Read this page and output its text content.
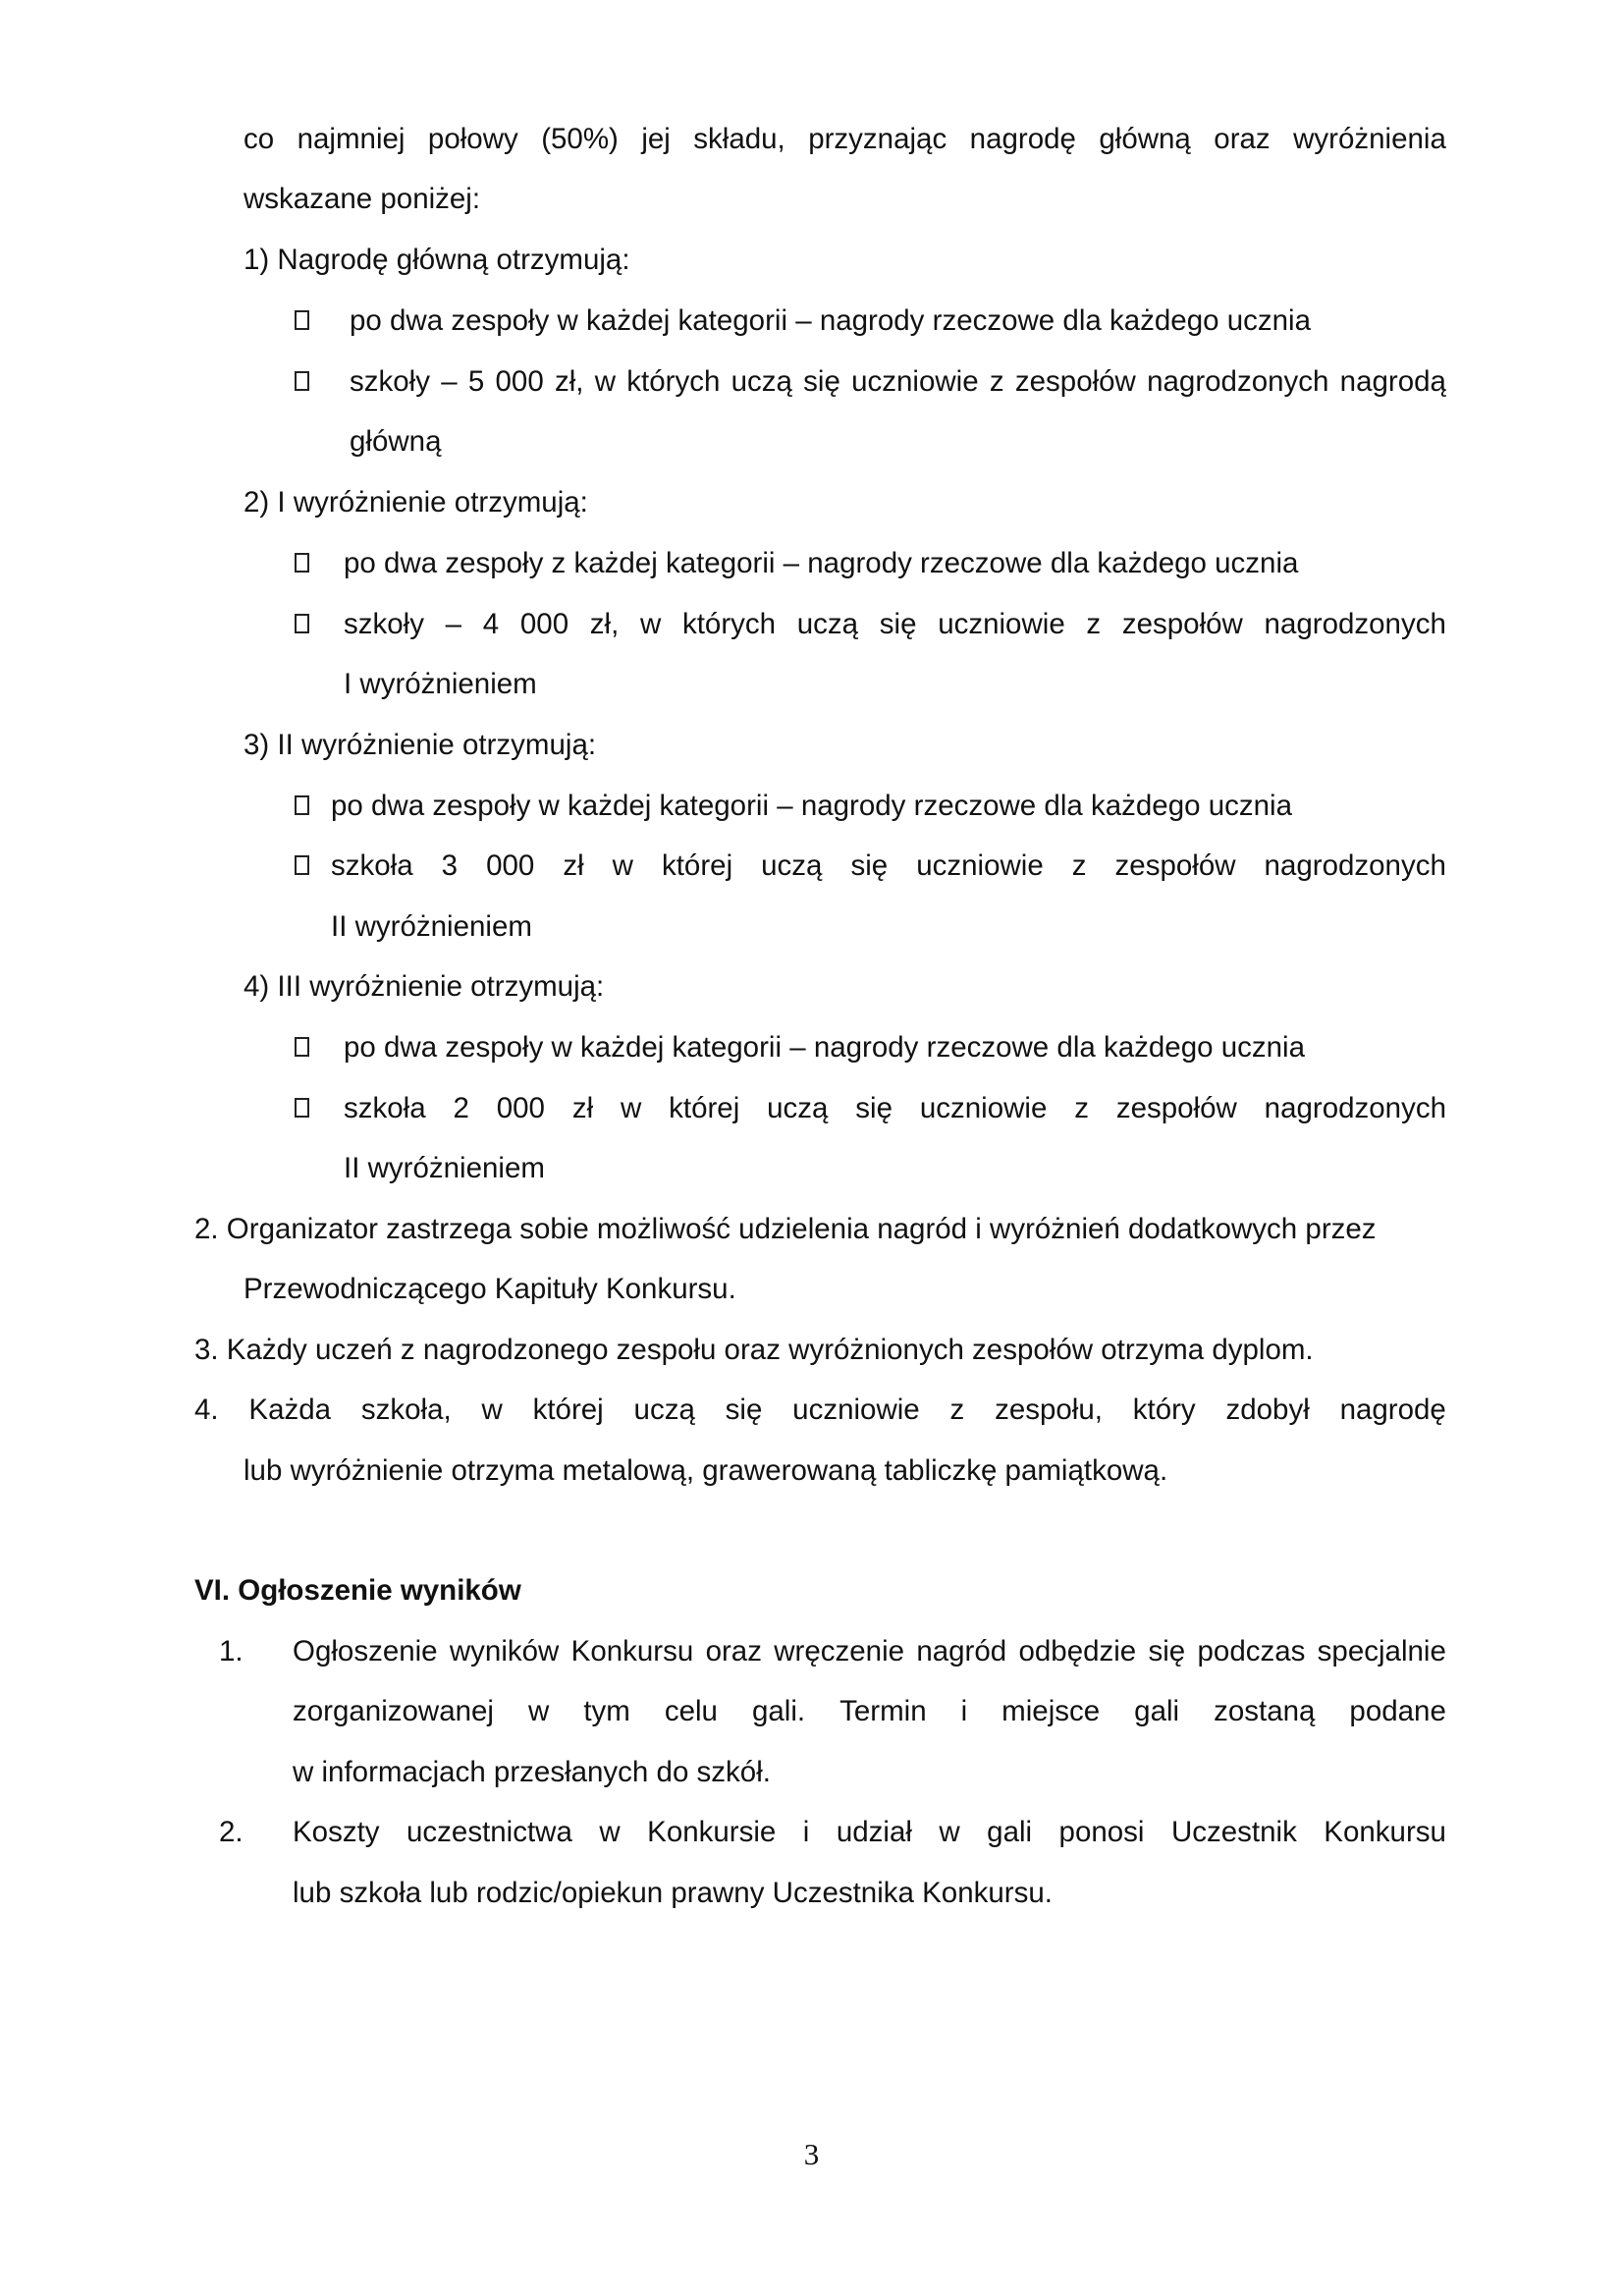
co najmniej połowy (50%) jej składu, przyznając nagrodę główną oraz wyróżnienia
wskazane poniżej:
1) Nagrodę główną otrzymują:
po dwa zespoły w każdej kategorii – nagrody rzeczowe dla każdego ucznia
szkoły – 5 000 zł, w których uczą się uczniowie z zespołów nagrodzonych nagrodą
główną
2) I wyróżnienie otrzymują:
po dwa zespoły z każdej kategorii – nagrody rzeczowe dla każdego ucznia
szkoły – 4 000 zł, w których uczą się uczniowie z zespołów nagrodzonych
I wyróżnieniem
3) II wyróżnienie otrzymują:
po dwa zespoły w każdej kategorii – nagrody rzeczowe dla każdego ucznia
szkoła 3 000 zł w której uczą się uczniowie z zespołów nagrodzonych
II wyróżnieniem
4) III wyróżnienie otrzymują:
po dwa zespoły w każdej kategorii – nagrody rzeczowe dla każdego ucznia
szkoła 2 000 zł w której uczą się uczniowie z zespołów nagrodzonych
II wyróżnieniem
2. Organizator zastrzega sobie możliwość udzielenia nagród i wyróżnień dodatkowych przez
Przewodniczącego Kapituły Konkursu.
3. Każdy uczeń z nagrodzonego zespołu oraz wyróżnionych zespołów otrzyma dyplom.
4. Każda szkoła, w której uczą się uczniowie z zespołu, który zdobył nagrodę
lub wyróżnienie otrzyma metalową, grawerowaną tabliczkę pamiątkową.
VI. Ogłoszenie wyników
1. Ogłoszenie wyników Konkursu oraz wręczenie nagród odbędzie się podczas specjalnie
zorganizowanej w tym celu gali. Termin i miejsce gali zostaną podane
w informacjach przesłanych do szkół.
2. Koszty uczestnictwa w Konkursie i udział w gali ponosi Uczestnik Konkursu
lub szkoła lub rodzic/opiekun prawny Uczestnika Konkursu.
3
